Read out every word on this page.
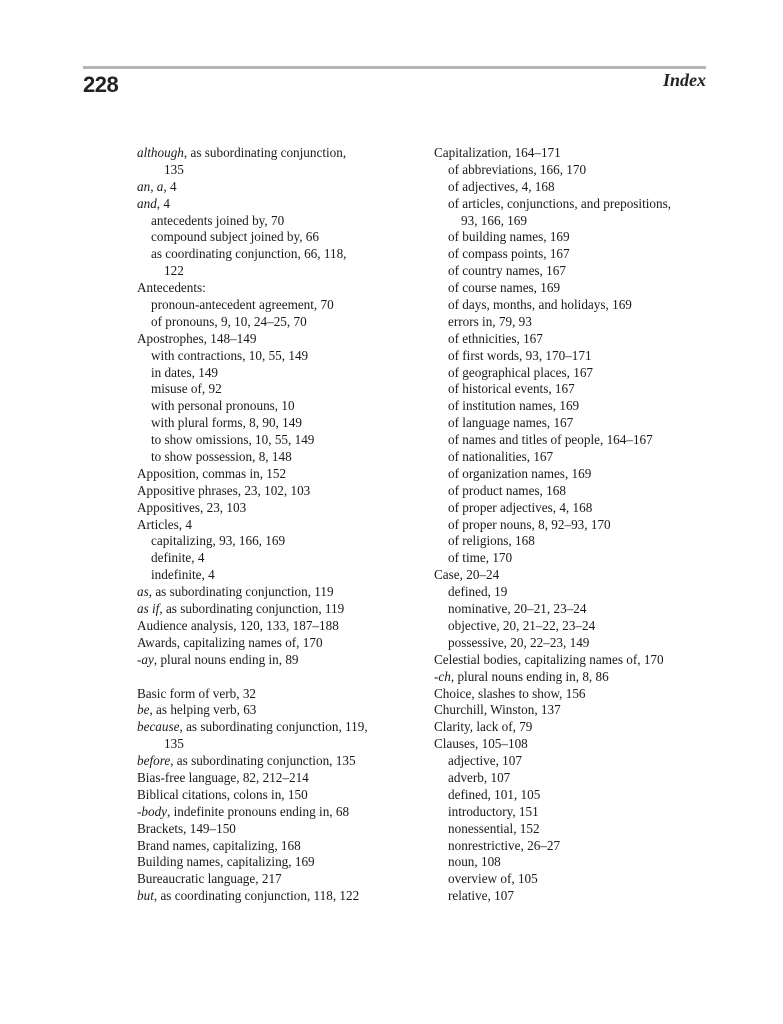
228	Index
although, as subordinating conjunction,
135
an, a, 4
and, 4
antecedents joined by, 70
compound subject joined by, 66
as coordinating conjunction, 66, 118,
122
Antecedents:
pronoun-antecedent agreement, 70
of pronouns, 9, 10, 24–25, 70
Apostrophes, 148–149
with contractions, 10, 55, 149
in dates, 149
misuse of, 92
with personal pronouns, 10
with plural forms, 8, 90, 149
to show omissions, 10, 55, 149
to show possession, 8, 148
Apposition, commas in, 152
Appositive phrases, 23, 102, 103
Appositives, 23, 103
Articles, 4
capitalizing, 93, 166, 169
definite, 4
indefinite, 4
as, as subordinating conjunction, 119
as if, as subordinating conjunction, 119
Audience analysis, 120, 133, 187–188
Awards, capitalizing names of, 170
-ay, plural nouns ending in, 89
Basic form of verb, 32
be, as helping verb, 63
because, as subordinating conjunction, 119,
135
before, as subordinating conjunction, 135
Bias-free language, 82, 212–214
Biblical citations, colons in, 150
-body, indefinite pronouns ending in, 68
Brackets, 149–150
Brand names, capitalizing, 168
Building names, capitalizing, 169
Bureaucratic language, 217
but, as coordinating conjunction, 118, 122
Capitalization, 164–171
of abbreviations, 166, 170
of adjectives, 4, 168
of articles, conjunctions, and prepositions,
93, 166, 169
of building names, 169
of compass points, 167
of country names, 167
of course names, 169
of days, months, and holidays, 169
errors in, 79, 93
of ethnicities, 167
of first words, 93, 170–171
of geographical places, 167
of historical events, 167
of institution names, 169
of language names, 167
of names and titles of people, 164–167
of nationalities, 167
of organization names, 169
of product names, 168
of proper adjectives, 4, 168
of proper nouns, 8, 92–93, 170
of religions, 168
of time, 170
Case, 20–24
defined, 19
nominative, 20–21, 23–24
objective, 20, 21–22, 23–24
possessive, 20, 22–23, 149
Celestial bodies, capitalizing names of, 170
-ch, plural nouns ending in, 8, 86
Choice, slashes to show, 156
Churchill, Winston, 137
Clarity, lack of, 79
Clauses, 105–108
adjective, 107
adverb, 107
defined, 101, 105
introductory, 151
nonessential, 152
nonrestrictive, 26–27
noun, 108
overview of, 105
relative, 107
